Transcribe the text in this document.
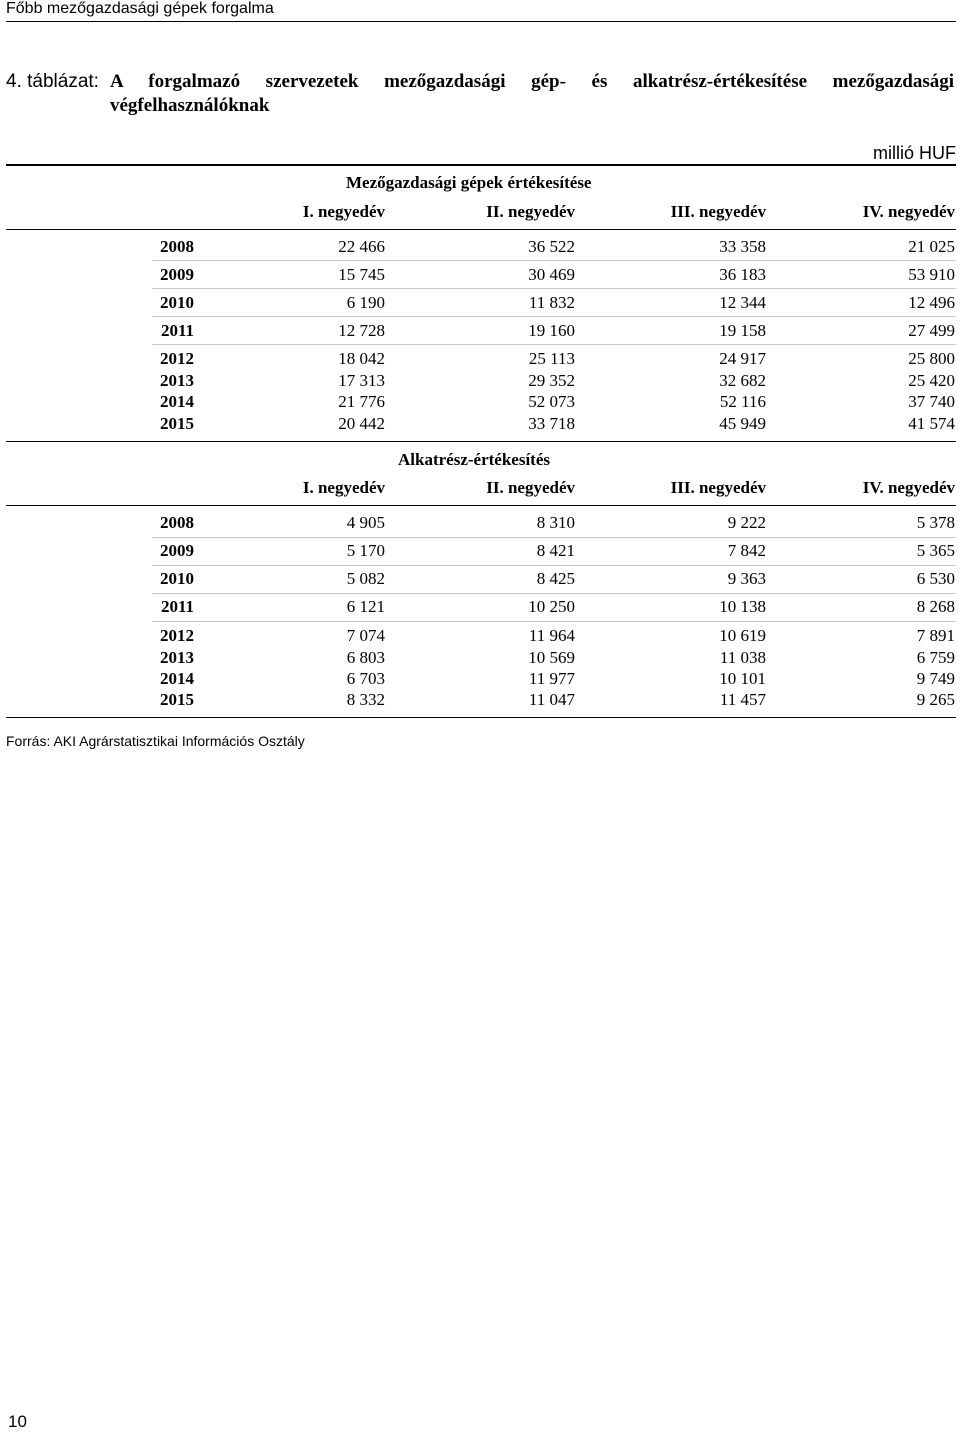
Főbb mezőgazdasági gépek forgalma
4. táblázat: A forgalmazó szervezetek mezőgazdasági gép- és alkatrész-értékesítése mezőgazdasági
végfelhasználóknak
millió HUF
Mezőgazdasági gépek értékesítése
I. negyedév	II. negyedév	III. negyedév	IV. negyedév
2008	22 466	36 522	33 358	21 025
2009	15 745	30 469	36 183	53 910
2010	6 190	11 832	12 344	12 496
2011	12 728	19 160	19 158	27 499
2012	18 042	25 113	24 917	25 800
2013	17 313	29 352	32 682	25 420
2014	21 776	52 073	52 116	37 740
2015	20 442	33 718	45 949	41 574
Alkatrész-értékesítés
I. negyedév	II. negyedév	III. negyedév	IV. negyedév
2008	4 905	8 310	9 222	5 378
2009	5 170	8 421	7 842	5 365
2010	5 082	8 425	9 363	6 530
2011	6 121	10 250	10 138	8 268
2012	7 074	11 964	10 619	7 891
2013	6 803	10 569	11 038	6 759
2014	6 703	11 977	10 101	9 749
2015	8 332	11 047	11 457	9 265
Forrás: AKI Agrárstatisztikai Információs Osztály
10
